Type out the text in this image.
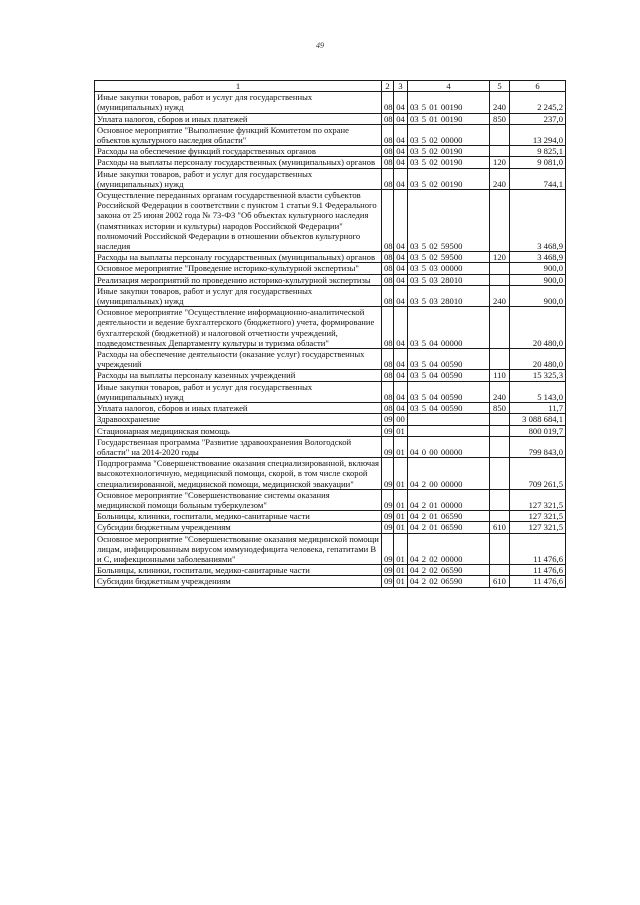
49
1	2	3	4	5	6
Иные закупки товаров, работ и услуг для государственных (муниципальных) нужд	08	04	03 5 01 00190	240	2 245,2
Уплата налогов, сборов и иных платежей	08	04	03 5 01 00190	850	237,0
Основное мероприятие "Выполнение функций Комитетом по охране объектов культурного наследия области"	08	04	03 5 02 00000		13 294,0
Расходы на обеспечение функций государственных органов	08	04	03 5 02 00190		9 825,1
Расходы на выплаты персоналу государственных (муниципальных) органов	08	04	03 5 02 00190	120	9 081,0
Иные закупки товаров, работ и услуг для государственных (муниципальных) нужд	08	04	03 5 02 00190	240	744,1
Осуществление переданных органам государственной власти субъектов Российской Федерации в соответствии с пунктом 1 статьи 9.1 Федерального закона от 25 июня 2002 года № 73-ФЗ "Об объектах культурного наследия (памятниках истории и культуры) народов Российской Федерации" полномочий Российской Федерации в отношении объектов культурного наследия	08	04	03 5 02 59500		3 468,9
Расходы на выплаты персоналу государственных (муниципальных) органов	08	04	03 5 02 59500	120	3 468,9
Основное мероприятие "Проведение историко-культурной экспертизы"	08	04	03 5 03 00000		900,0
Реализация мероприятий по проведению историко-культурной экспертизы	08	04	03 5 03 28010		900,0
Иные закупки товаров, работ и услуг для государственных (муниципальных) нужд	08	04	03 5 03 28010	240	900,0
Основное мероприятие "Осуществление информационно-аналитической деятельности и ведение бухгалтерского (бюджетного) учета, формирование бухгалтерской (бюджетной) и налоговой отчетности учреждений, подведомственных Департаменту культуры и туризма области"	08	04	03 5 04 00000		20 480,0
Расходы на обеспечение деятельности (оказание услуг) государственных учреждений	08	04	03 5 04 00590		20 480,0
Расходы на выплаты персоналу казенных учреждений	08	04	03 5 04 00590	110	15 325,3
Иные закупки товаров, работ и услуг для государственных (муниципальных) нужд	08	04	03 5 04 00590	240	5 143,0
Уплата налогов, сборов и иных платежей	08	04	03 5 04 00590	850	11,7
Здравоохранение	09	00			3 088 684,1
Стационарная медицинская помощь	09	01			800 019,7
Государственная программа "Развитие здравоохранения Вологодской области" на 2014-2020 годы	09	01	04 0 00 00000		799 843,0
Подпрограмма "Совершенствование оказания специализированной, включая высокотехнологичную, медицинской помощи, скорой, в том числе скорой специализированной, медицинской помощи, медицинской эвакуации"	09	01	04 2 00 00000		709 261,5
Основное мероприятие "Совершенствование системы оказания медицинской помощи больным туберкулезом"	09	01	04 2 01 00000		127 321,5
Больницы, клиники, госпитали, медико-санитарные части	09	01	04 2 01 06590		127 321,5
Субсидии бюджетным учреждениям	09	01	04 2 01 06590	610	127 321,5
Основное мероприятие "Совершенствование оказания медицинской помощи лицам, инфицированным вирусом иммунодефицита человека, гепатитами B и C, инфекционными заболеваниями"	09	01	04 2 02 00000		11 476,6
Больницы, клиники, госпитали, медико-санитарные части	09	01	04 2 02 06590		11 476,6
Субсидии бюджетным учреждениям	09	01	04 2 02 06590	610	11 476,6
